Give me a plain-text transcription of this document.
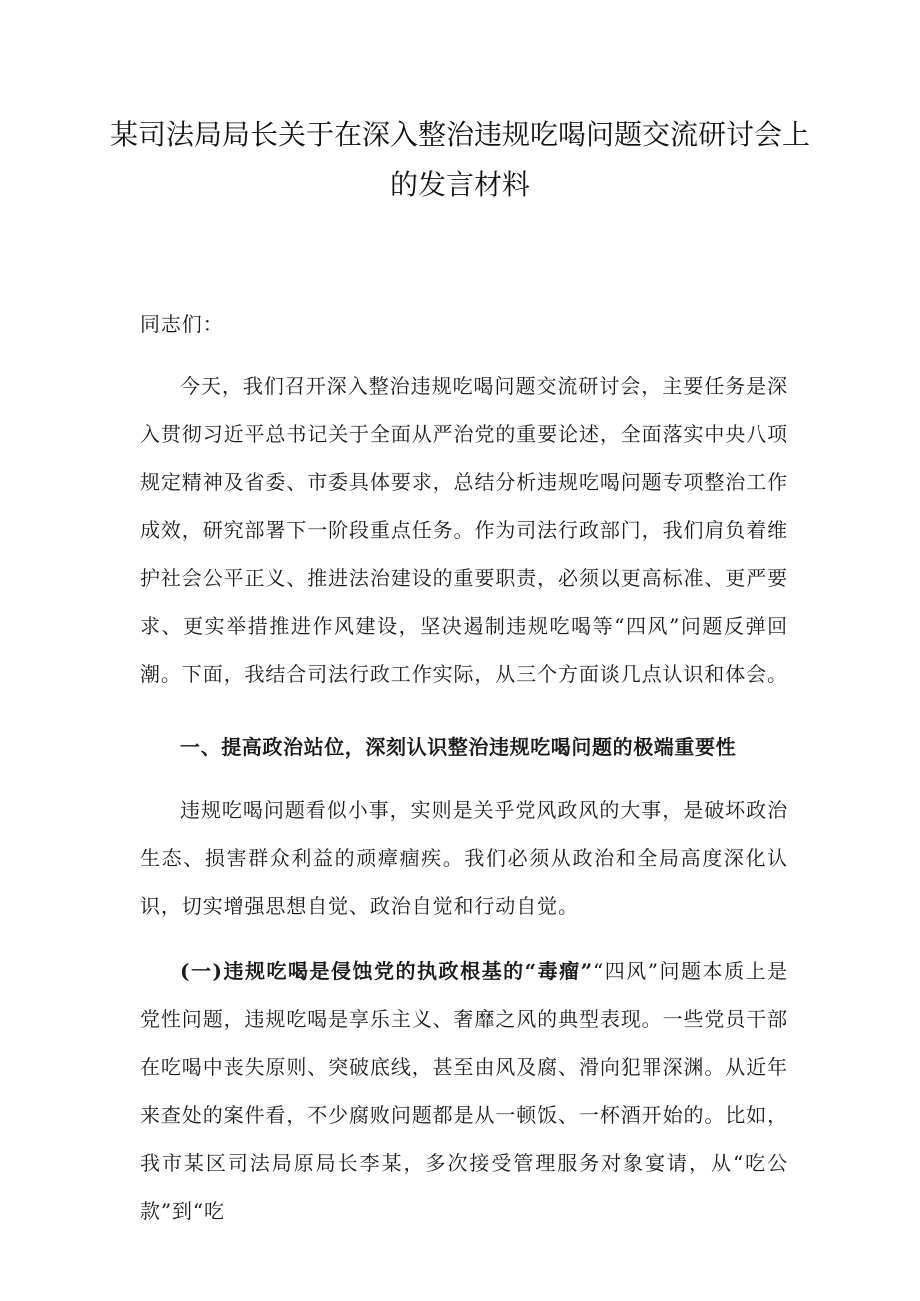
某司法局局长关于在深入整治违规吃喝问题交流研讨会上的发言材料
同志们：
今天，我们召开深入整治违规吃喝问题交流研讨会，主要任务是深入贯彻习近平总书记关于全面从严治党的重要论述，全面落实中央八项规定精神及省委、市委具体要求，总结分析违规吃喝问题专项整治工作成效，研究部署下一阶段重点任务。作为司法行政部门，我们肩负着维护社会公平正义、推进法治建设的重要职责，必须以更高标准、更严要求、更实举措推进作风建设，坚决遏制违规吃喝等“四风”问题反弹回潮。下面，我结合司法行政工作实际，从三个方面谈几点认识和体会。
一、提高政治站位，深刻认识整治违规吃喝问题的极端重要性
违规吃喝问题看似小事，实则是关乎党风政风的大事，是破坏政治生态、损害群众利益的顽瘴痼疾。我们必须从政治和全局高度深化认识，切实增强思想自觉、政治自觉和行动自觉。
(一)违规吃喝是侵蚀党的执政根基的“毒瘤”“四风”问题本质上是党性问题，违规吃喝是享乐主义、奢靡之风的典型表现。一些党员干部在吃喝中丧失原则、突破底线，甚至由风及腐、滑向犯罪深渊。从近年来查处的案件看，不少腐败问题都是从一顿饭、一杯酒开始的。比如，我市某区司法局原局长李某，多次接受管理服务对象宴请，从“吃公款”到“吃
